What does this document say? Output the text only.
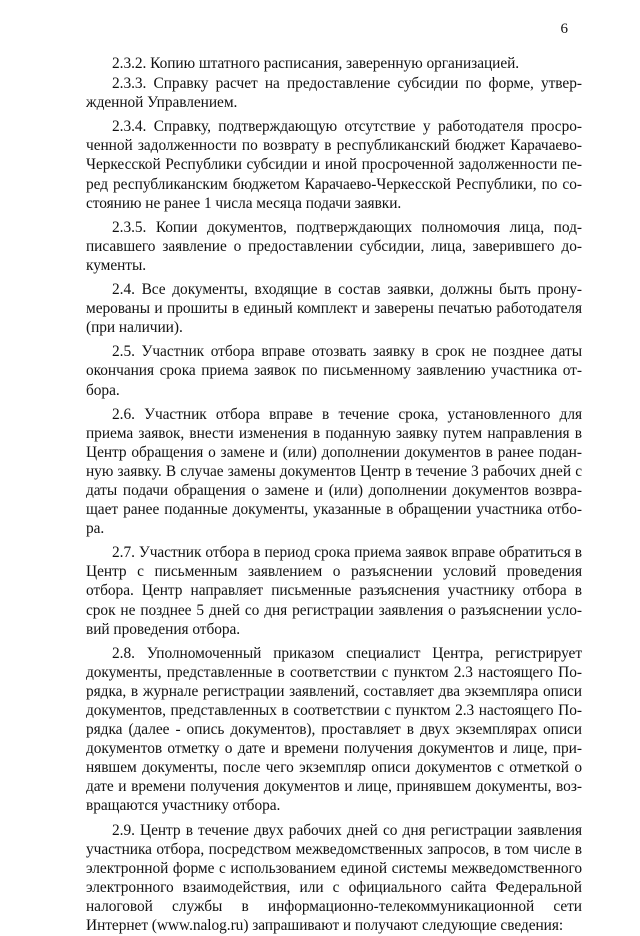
6

2.3.2. Копию штатного расписания, заверенную организацией.

2.3.3. Справку расчет на предоставление субсидии по форме, утвержденной Управлением.

2.3.4. Справку, подтверждающую отсутствие у работодателя просроченной задолженности по возврату в республиканский бюджет Карачаево-Черкесской Республики субсидии и иной просроченной задолженности перед республиканским бюджетом Карачаево-Черкесской Республики, по состоянию не ранее 1 числа месяца подачи заявки.

2.3.5. Копии документов, подтверждающих полномочия лица, подписавшего заявление о предоставлении субсидии, лица, заверившего документы.

2.4. Все документы, входящие в состав заявки, должны быть пронумерованы и прошиты в единый комплект и заверены печатью работодателя (при наличии).

2.5. Участник отбора вправе отозвать заявку в срок не позднее даты окончания срока приема заявок по письменному заявлению участника отбора.

2.6. Участник отбора вправе в течение срока, установленного для приема заявок, внести изменения в поданную заявку путем направления в Центр обращения о замене и (или) дополнении документов в ранее поданную заявку. В случае замены документов Центр в течение 3 рабочих дней с даты подачи обращения о замене и (или) дополнении документов возвращает ранее поданные документы, указанные в обращении участника отбора.

2.7. Участник отбора в период срока приема заявок вправе обратиться в Центр с письменным заявлением о разъяснении условий проведения отбора. Центр направляет письменные разъяснения участнику отбора в срок не позднее 5 дней со дня регистрации заявления о разъяснении условий проведения отбора.

2.8. Уполномоченный приказом специалист Центра, регистрирует документы, представленные в соответствии с пунктом 2.3 настоящего Порядка, в журнале регистрации заявлений, составляет два экземпляра описи документов, представленных в соответствии с пунктом 2.3 настоящего Порядка (далее - опись документов), проставляет в двух экземплярах описи документов отметку о дате и времени получения документов и лице, принявшем документы, после чего экземпляр описи документов с отметкой о дате и времени получения документов и лице, принявшем документы, возвращаются участнику отбора.

2.9. Центр в течение двух рабочих дней со дня регистрации заявления участника отбора, посредством межведомственных запросов, в том числе в электронной форме с использованием единой системы межведомственного электронного взаимодействия, или с официального сайта Федеральной налоговой службы в информационно-телекоммуникационной сети Интернет (www.nalog.ru) запрашивают и получают следующие сведения:
